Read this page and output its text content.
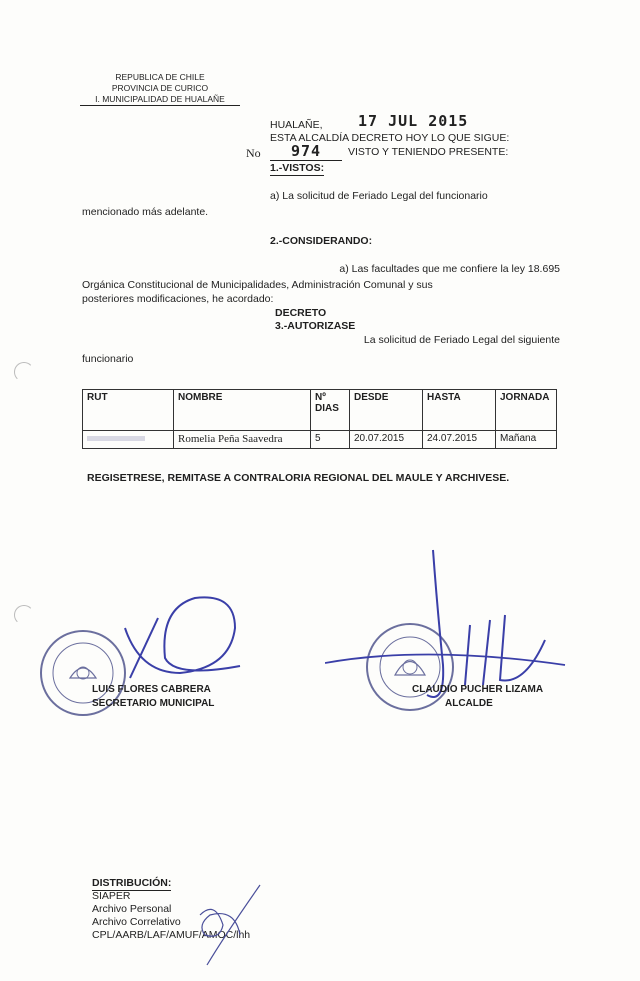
REPUBLICA DE CHILE
PROVINCIA DE CURICO
I. MUNICIPALIDAD DE HUALAÑE
HUALAÑE, 17 JUL 2015
ESTA ALCALDÍA DECRETO HOY LO QUE SIGUE:
No	974	VISTO Y TENIENDO PRESENTE:
1.-VISTOS:
a) La solicitud de Feriado Legal del funcionario
mencionado más adelante.
2.-CONSIDERANDO:
a) Las facultades que me confiere la ley 18.695
Orgánica Constitucional de Municipalidades, Administración Comunal y sus
posteriores modificaciones, he acordado:
DECRETO
3.-AUTORIZASE
La solicitud de Feriado Legal del siguiente
funcionario
RUT	NOMBRE	Nº DIAS	DESDE	HASTA	JORNADA
	Romelia Peña Saavedra	5	20.07.2015	24.07.2015	Mañana
REGISETRESE, REMITASE A CONTRALORIA REGIONAL DEL MAULE Y ARCHIVESE.
LUIS FLORES CABRERA
SECRETARIO MUNICIPAL
CLAUDIO PUCHER LIZAMA
ALCALDE
DISTRIBUCIÓN:
SIAPER
Archivo Personal
Archivo Correlativo
CPL/AARB/LAF/AMUF/AMOC/lhh
